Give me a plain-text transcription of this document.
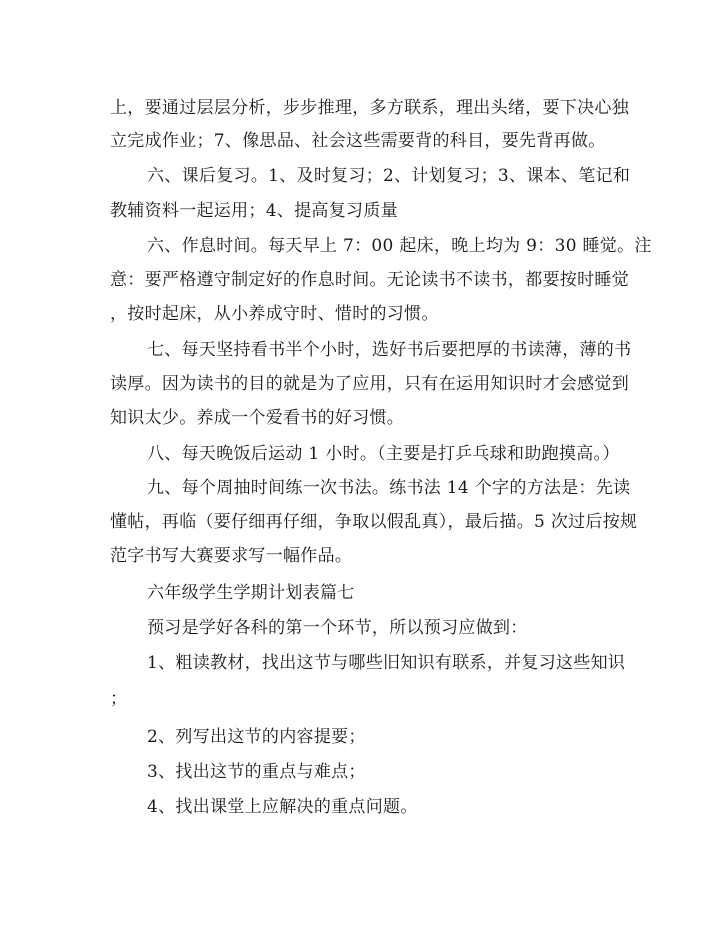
上，要通过层层分析，步步推理，多方联系，理出头绪，要下决心独
立完成作业；7、像思品、社会这些需要背的科目，要先背再做。
六、课后复习。1、及时复习；2、计划复习；3、课本、笔记和
教辅资料一起运用；4、提高复习质量
六、作息时间。每天早上 7：00 起床，晚上均为 9：30 睡觉。注
意：要严格遵守制定好的作息时间。无论读书不读书，都要按时睡觉
，按时起床，从小养成守时、惜时的习惯。
七、每天坚持看书半个小时，选好书后要把厚的书读薄，薄的书
读厚。因为读书的目的就是为了应用，只有在运用知识时才会感觉到
知识太少。养成一个爱看书的好习惯。
八、每天晚饭后运动 1 小时。（主要是打乒乓球和助跑摸高。）
九、每个周抽时间练一次书法。练书法 14 个字的方法是：先读
懂帖，再临（要仔细再仔细，争取以假乱真），最后描。5 次过后按规
范字书写大赛要求写一幅作品。
六年级学生学期计划表篇七
预习是学好各科的第一个环节，所以预习应做到：
1、粗读教材，找出这节与哪些旧知识有联系，并复习这些知识
；
2、列写出这节的内容提要；
3、找出这节的重点与难点；
4、找出课堂上应解决的重点问题。
